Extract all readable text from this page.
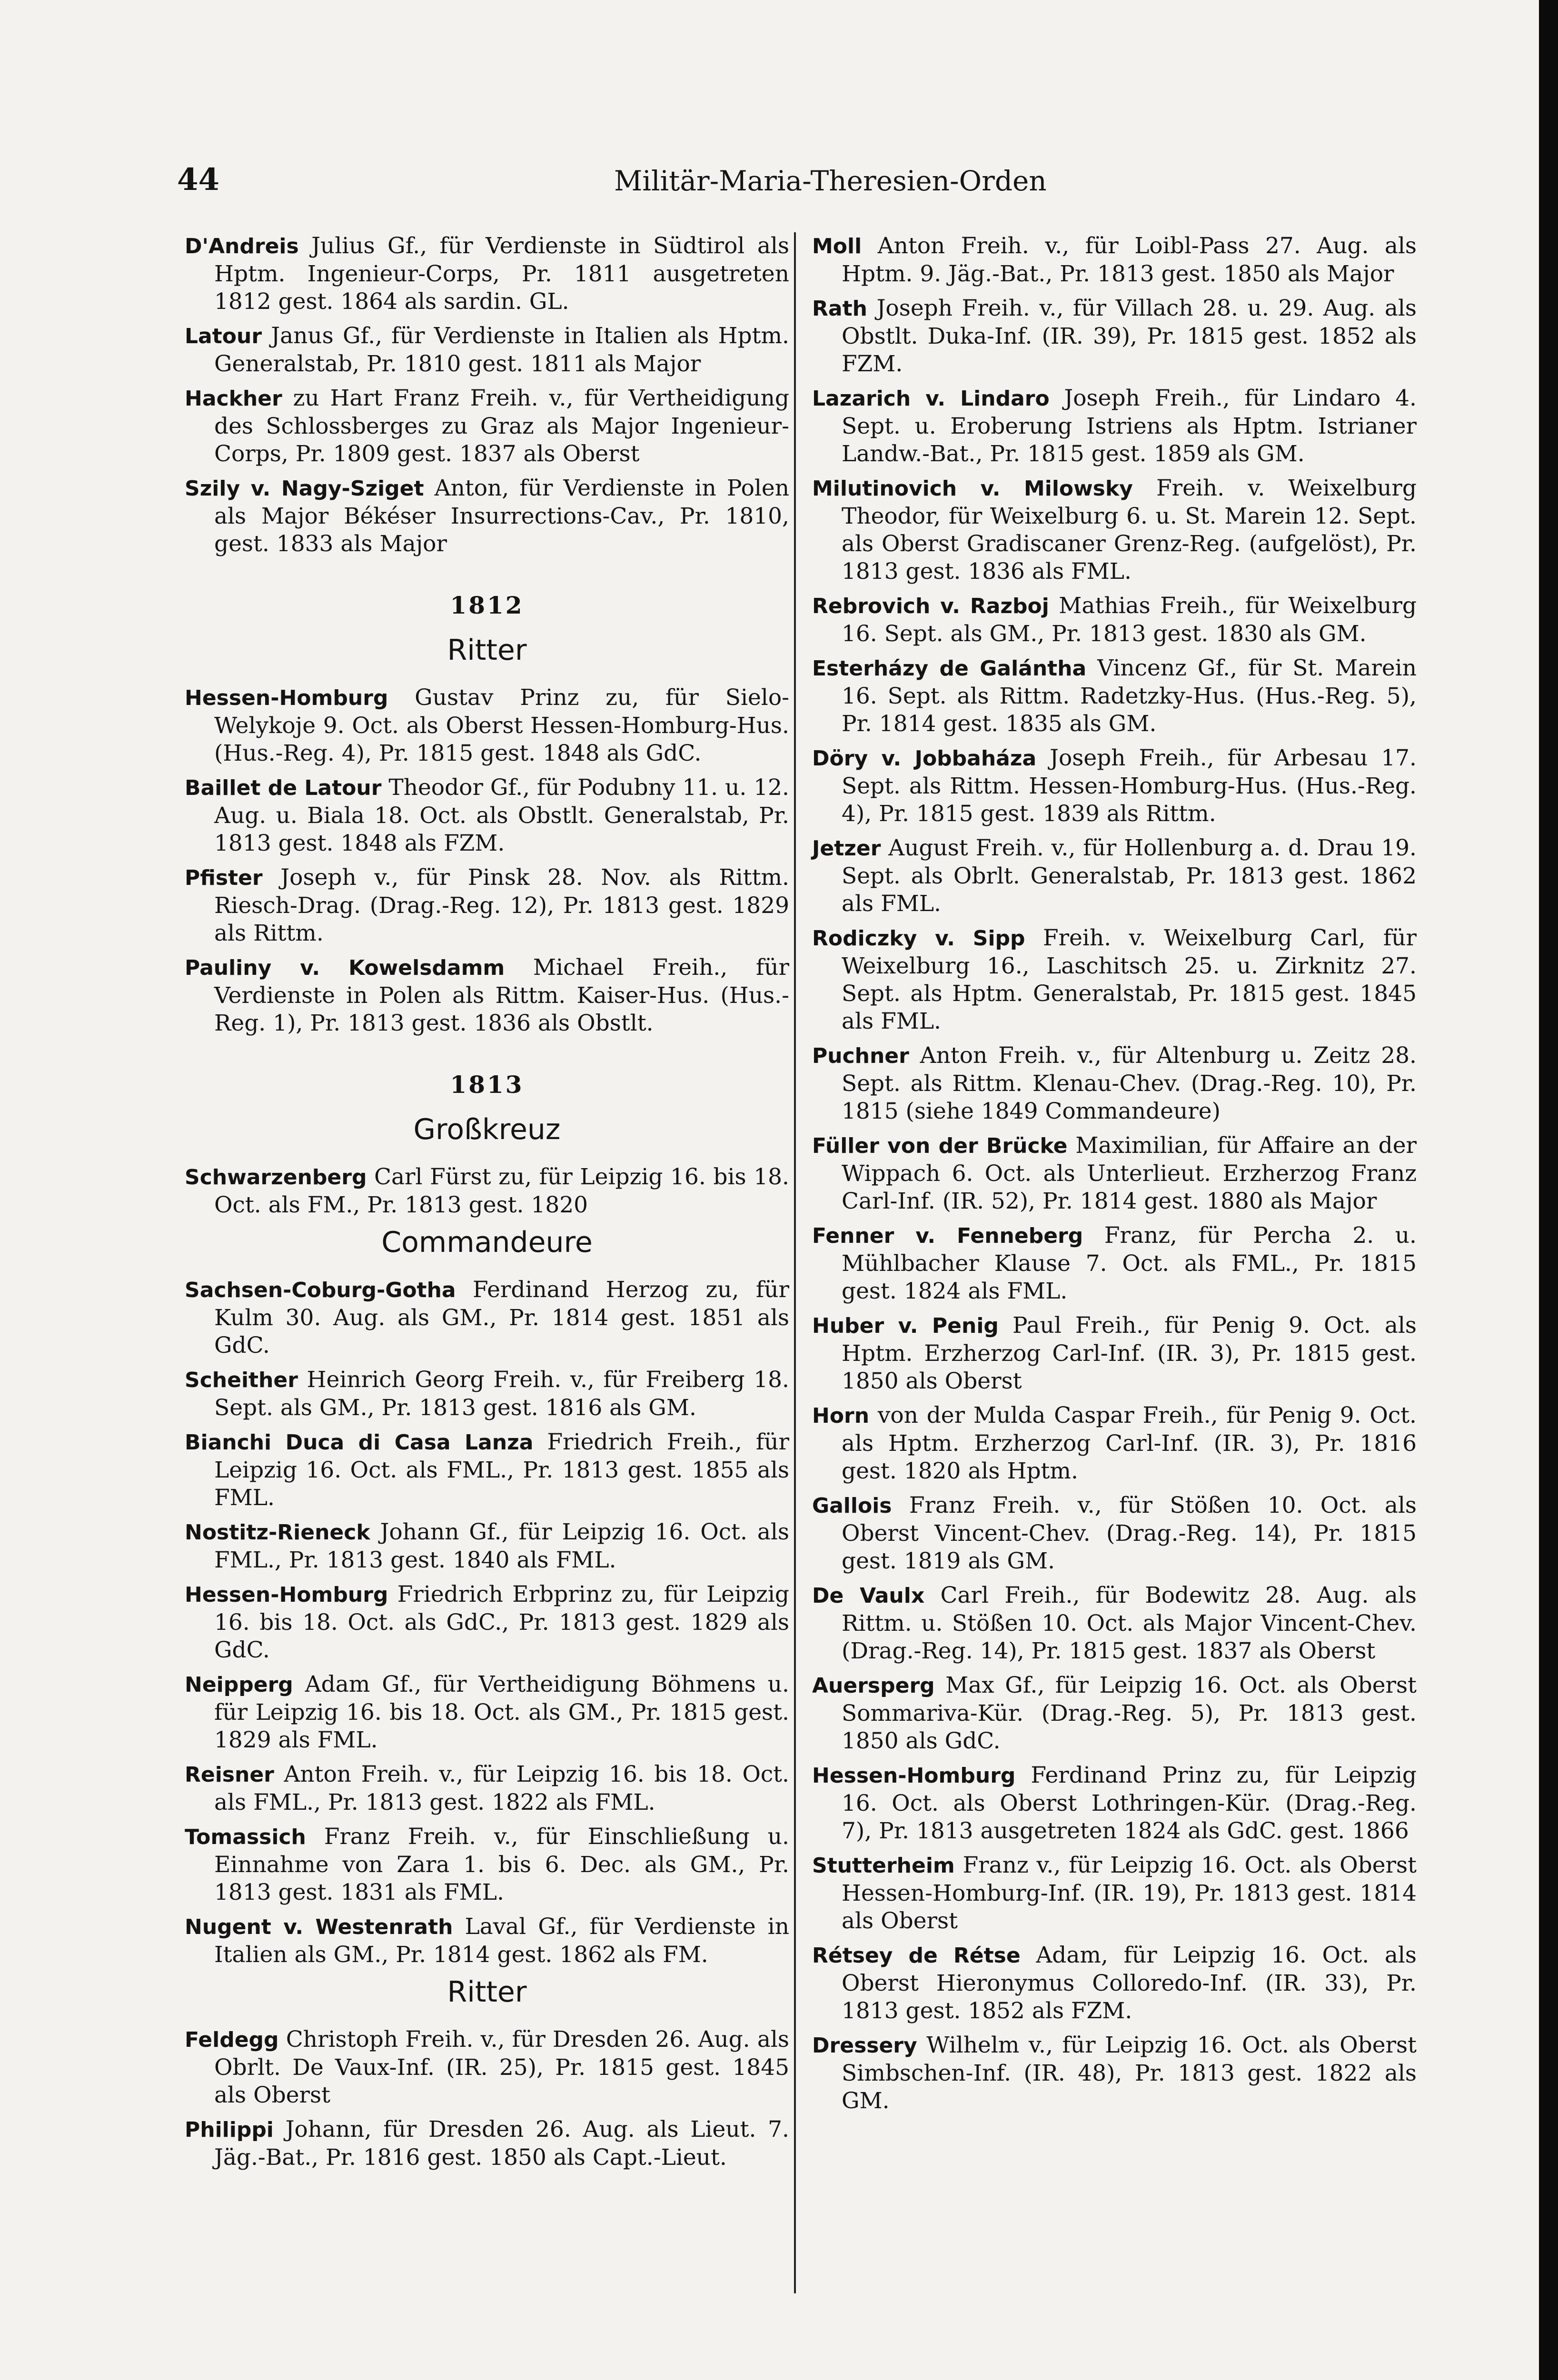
44	Militär-Maria-Theresien-Orden

D'Andreis Julius Gf., für Verdienste in Südtirol als Hptm. Ingenieur-Corps, Pr. 1811 ausgetreten 1812 gest. 1864 als sardin. GL.

Latour Janus Gf., für Verdienste in Italien als Hptm. Generalstab, Pr. 1810 gest. 1811 als Major

Hackher zu Hart Franz Freih. v., für Vertheidigung des Schlossberges zu Graz als Major Ingenieur-Corps, Pr. 1809 gest. 1837 als Oberst

Szily v. Nagy-Sziget Anton, für Verdienste in Polen als Major Békéser Insurrections-Cav., Pr. 1810, gest. 1833 als Major

1812
Ritter

Hessen-Homburg Gustav Prinz zu, für Sielo-Welykoje 9. Oct. als Oberst Hessen-Homburg-Hus. (Hus.-Reg. 4), Pr. 1815 gest. 1848 als GdC.

Baillet de Latour Theodor Gf., für Podubny 11. u. 12. Aug. u. Biala 18. Oct. als Obstlt. Generalstab, Pr. 1813 gest. 1848 als FZM.

Pfister Joseph v., für Pinsk 28. Nov. als Rittm. Riesch-Drag. (Drag.-Reg. 12), Pr. 1813 gest. 1829 als Rittm.

Pauliny v. Kowelsdamm Michael Freih., für Verdienste in Polen als Rittm. Kaiser-Hus. (Hus.-Reg. 1), Pr. 1813 gest. 1836 als Obstlt.

1813
Großkreuz

Schwarzenberg Carl Fürst zu, für Leipzig 16. bis 18. Oct. als FM., Pr. 1813 gest. 1820

Commandeure

Sachsen-Coburg-Gotha Ferdinand Herzog zu, für Kulm 30. Aug. als GM., Pr. 1814 gest. 1851 als GdC.

Scheither Heinrich Georg Freih. v., für Freiberg 18. Sept. als GM., Pr. 1813 gest. 1816 als GM.

Bianchi Duca di Casa Lanza Friedrich Freih., für Leipzig 16. Oct. als FML., Pr. 1813 gest. 1855 als FML.

Nostitz-Rieneck Johann Gf., für Leipzig 16. Oct. als FML., Pr. 1813 gest. 1840 als FML.

Hessen-Homburg Friedrich Erbprinz zu, für Leipzig 16. bis 18. Oct. als GdC., Pr. 1813 gest. 1829 als GdC.

Neipperg Adam Gf., für Vertheidigung Böhmens u. für Leipzig 16. bis 18. Oct. als GM., Pr. 1815 gest. 1829 als FML.

Reisner Anton Freih. v., für Leipzig 16. bis 18. Oct. als FML., Pr. 1813 gest. 1822 als FML.

Tomassich Franz Freih. v., für Einschließung u. Einnahme von Zara 1. bis 6. Dec. als GM., Pr. 1813 gest. 1831 als FML.

Nugent v. Westenrath Laval Gf., für Verdienste in Italien als GM., Pr. 1814 gest. 1862 als FM.

Ritter

Feldegg Christoph Freih. v., für Dresden 26. Aug. als Obrlt. De Vaux-Inf. (IR. 25), Pr. 1815 gest. 1845 als Oberst

Philippi Johann, für Dresden 26. Aug. als Lieut. 7. Jäg.-Bat., Pr. 1816 gest. 1850 als Capt.-Lieut.

Moll Anton Freih. v., für Loibl-Pass 27. Aug. als Hptm. 9. Jäg.-Bat., Pr. 1813 gest. 1850 als Major

Rath Joseph Freih. v., für Villach 28. u. 29. Aug. als Obstlt. Duka-Inf. (IR. 39), Pr. 1815 gest. 1852 als FZM.

Lazarich v. Lindaro Joseph Freih., für Lindaro 4. Sept. u. Eroberung Istriens als Hptm. Istrianer Landw.-Bat., Pr. 1815 gest. 1859 als GM.

Milutinovich v. Milowsky Freih. v. Weixelburg Theodor, für Weixelburg 6. u. St. Marein 12. Sept. als Oberst Gradiscaner Grenz-Reg. (aufgelöst), Pr. 1813 gest. 1836 als FML.

Rebrovich v. Razboj Mathias Freih., für Weixelburg 16. Sept. als GM., Pr. 1813 gest. 1830 als GM.

Esterházy de Galántha Vincenz Gf., für St. Marein 16. Sept. als Rittm. Radetzky-Hus. (Hus.-Reg. 5), Pr. 1814 gest. 1835 als GM.

Döry v. Jobbaháza Joseph Freih., für Arbesau 17. Sept. als Rittm. Hessen-Homburg-Hus. (Hus.-Reg. 4), Pr. 1815 gest. 1839 als Rittm.

Jetzer August Freih. v., für Hollenburg a. d. Drau 19. Sept. als Obrlt. Generalstab, Pr. 1813 gest. 1862 als FML.

Rodiczky v. Sipp Freih. v. Weixelburg Carl, für Weixelburg 16., Laschitsch 25. u. Zirknitz 27. Sept. als Hptm. Generalstab, Pr. 1815 gest. 1845 als FML.

Puchner Anton Freih. v., für Altenburg u. Zeitz 28. Sept. als Rittm. Klenau-Chev. (Drag.-Reg. 10), Pr. 1815 (siehe 1849 Commandeure)

Füller von der Brücke Maximilian, für Affaire an der Wippach 6. Oct. als Unterlieut. Erzherzog Franz Carl-Inf. (IR. 52), Pr. 1814 gest. 1880 als Major

Fenner v. Fenneberg Franz, für Percha 2. u. Mühlbacher Klause 7. Oct. als FML., Pr. 1815 gest. 1824 als FML.

Huber v. Penig Paul Freih., für Penig 9. Oct. als Hptm. Erzherzog Carl-Inf. (IR. 3), Pr. 1815 gest. 1850 als Oberst

Horn von der Mulda Caspar Freih., für Penig 9. Oct. als Hptm. Erzherzog Carl-Inf. (IR. 3), Pr. 1816 gest. 1820 als Hptm.

Gallois Franz Freih. v., für Stößen 10. Oct. als Oberst Vincent-Chev. (Drag.-Reg. 14), Pr. 1815 gest. 1819 als GM.

De Vaulx Carl Freih., für Bodewitz 28. Aug. als Rittm. u. Stößen 10. Oct. als Major Vincent-Chev. (Drag.-Reg. 14), Pr. 1815 gest. 1837 als Oberst

Auersperg Max Gf., für Leipzig 16. Oct. als Oberst Sommariva-Kür. (Drag.-Reg. 5), Pr. 1813 gest. 1850 als GdC.

Hessen-Homburg Ferdinand Prinz zu, für Leipzig 16. Oct. als Oberst Lothringen-Kür. (Drag.-Reg. 7), Pr. 1813 ausgetreten 1824 als GdC. gest. 1866

Stutterheim Franz v., für Leipzig 16. Oct. als Oberst Hessen-Homburg-Inf. (IR. 19), Pr. 1813 gest. 1814 als Oberst

Rétsey de Rétse Adam, für Leipzig 16. Oct. als Oberst Hieronymus Colloredo-Inf. (IR. 33), Pr. 1813 gest. 1852 als FZM.

Dressery Wilhelm v., für Leipzig 16. Oct. als Oberst Simbschen-Inf. (IR. 48), Pr. 1813 gest. 1822 als GM.
